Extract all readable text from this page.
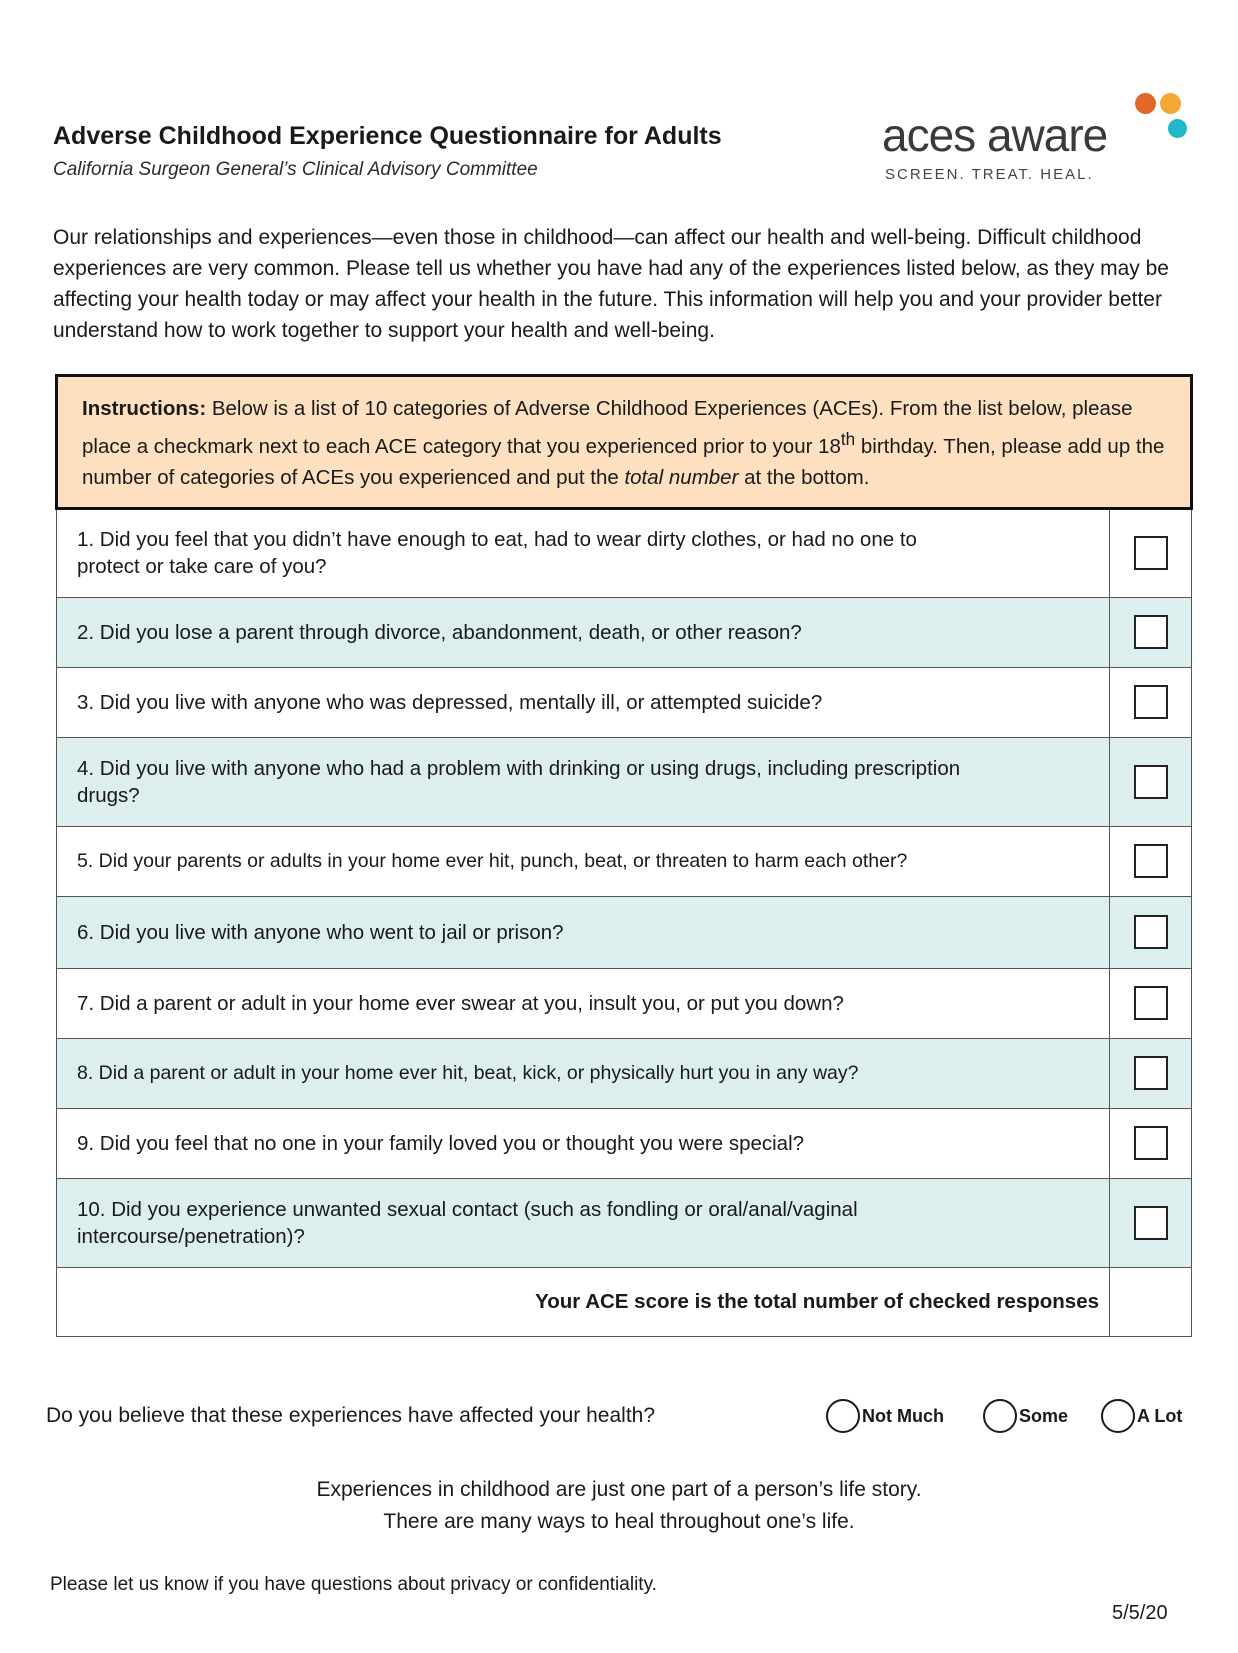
Adverse Childhood Experience Questionnaire for Adults
California Surgeon General’s Clinical Advisory Committee
aces aware
SCREEN. TREAT. HEAL.
Our relationships and experiences—even those in childhood—can affect our health and well-being. Difficult childhood experiences are very common. Please tell us whether you have had any of the experiences listed below, as they may be affecting your health today or may affect your health in the future. This information will help you and your provider better understand how to work together to support your health and well-being.
Instructions: Below is a list of 10 categories of Adverse Childhood Experiences (ACEs). From the list below, please place a checkmark next to each ACE category that you experienced prior to your 18th birthday. Then, please add up the number of categories of ACEs you experienced and put the total number at the bottom.	
1. Did you feel that you didn’t have enough to eat, had to wear dirty clothes, or had no one to protect or take care of you?	
2. Did you lose a parent through divorce, abandonment, death, or other reason?	
3. Did you live with anyone who was depressed, mentally ill, or attempted suicide?	
4. Did you live with anyone who had a problem with drinking or using drugs, including prescription drugs?	
5. Did your parents or adults in your home ever hit, punch, beat, or threaten to harm each other?	
6. Did you live with anyone who went to jail or prison?	
7. Did a parent or adult in your home ever swear at you, insult you, or put you down?	
8. Did a parent or adult in your home ever hit, beat, kick, or physically hurt you in any way?	
9. Did you feel that no one in your family loved you or thought you were special?	
10. Did you experience unwanted sexual contact (such as fondling or oral/anal/vaginal intercourse/penetration)?	
Your ACE score is the total number of checked responses	
Do you believe that these experiences have affected your health?	Not Much	Some	A Lot
Experiences in childhood are just one part of a person’s life story.
There are many ways to heal throughout one’s life.
Please let us know if you have questions about privacy or confidentiality.
5/5/20
